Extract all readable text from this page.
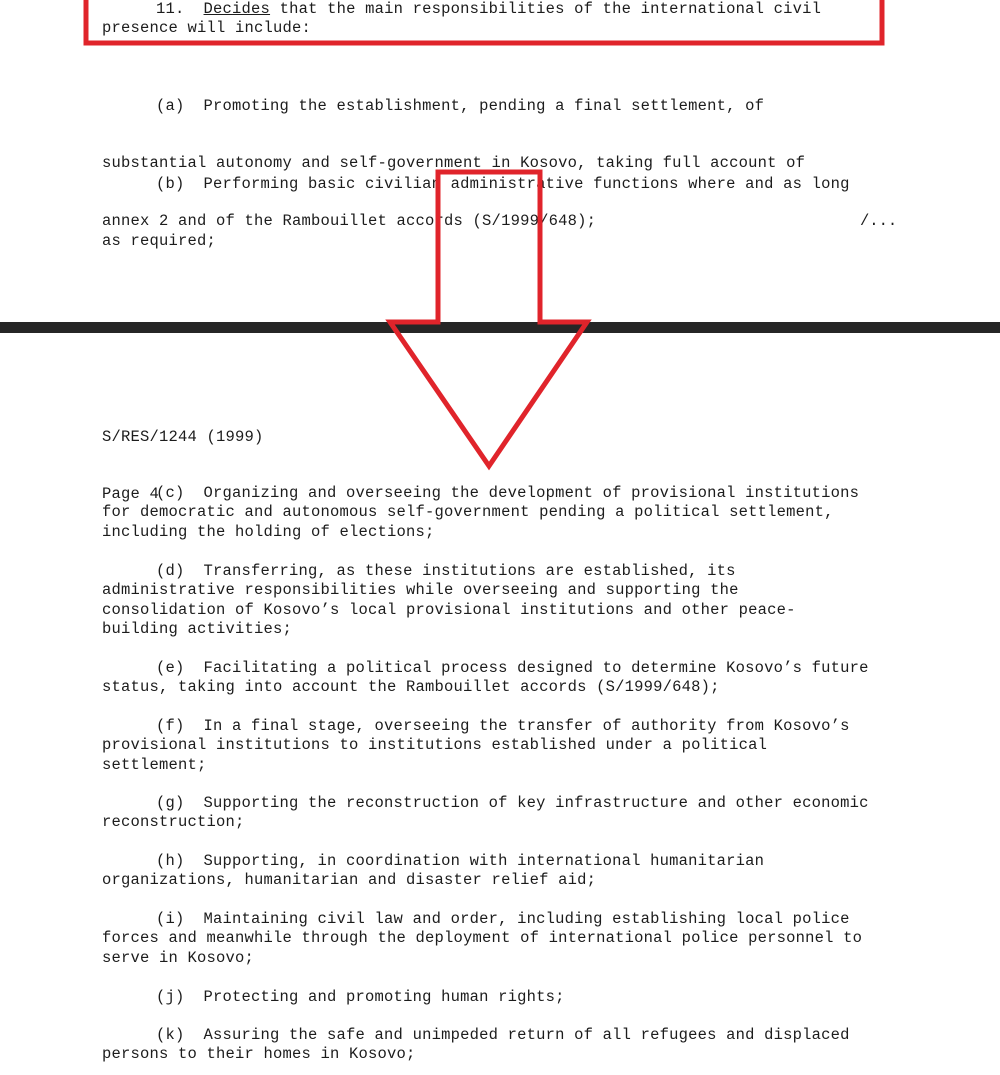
11. Decides that the main responsibilities of the international civil

presence will include:

(a) Promoting the establishment, pending a final settlement, of

substantial autonomy and self-government in Kosovo, taking full account of

annex 2 and of the Rambouillet accords (S/1999/648);

(b) Performing basic civilian administrative functions where and as long

as required;

/...

S/RES/1244 (1999)

Page 4

(c) Organizing and overseeing the development of provisional institutions
for democratic and autonomous self-government pending a political settlement,
including the holding of elections;
(d) Transferring, as these institutions are established, its
administrative responsibilities while overseeing and supporting the
consolidation of Kosovo’s local provisional institutions and other peace-
building activities;
(e) Facilitating a political process designed to determine Kosovo’s future
status, taking into account the Rambouillet accords (S/1999/648);
(f) In a final stage, overseeing the transfer of authority from Kosovo’s
provisional institutions to institutions established under a political
settlement;
(g) Supporting the reconstruction of key infrastructure and other economic
reconstruction;
(h) Supporting, in coordination with international humanitarian
organizations, humanitarian and disaster relief aid;
(i) Maintaining civil law and order, including establishing local police
forces and meanwhile through the deployment of international police personnel to
serve in Kosovo;
(j) Protecting and promoting human rights;
(k) Assuring the safe and unimpeded return of all refugees and displaced
persons to their homes in Kosovo;
